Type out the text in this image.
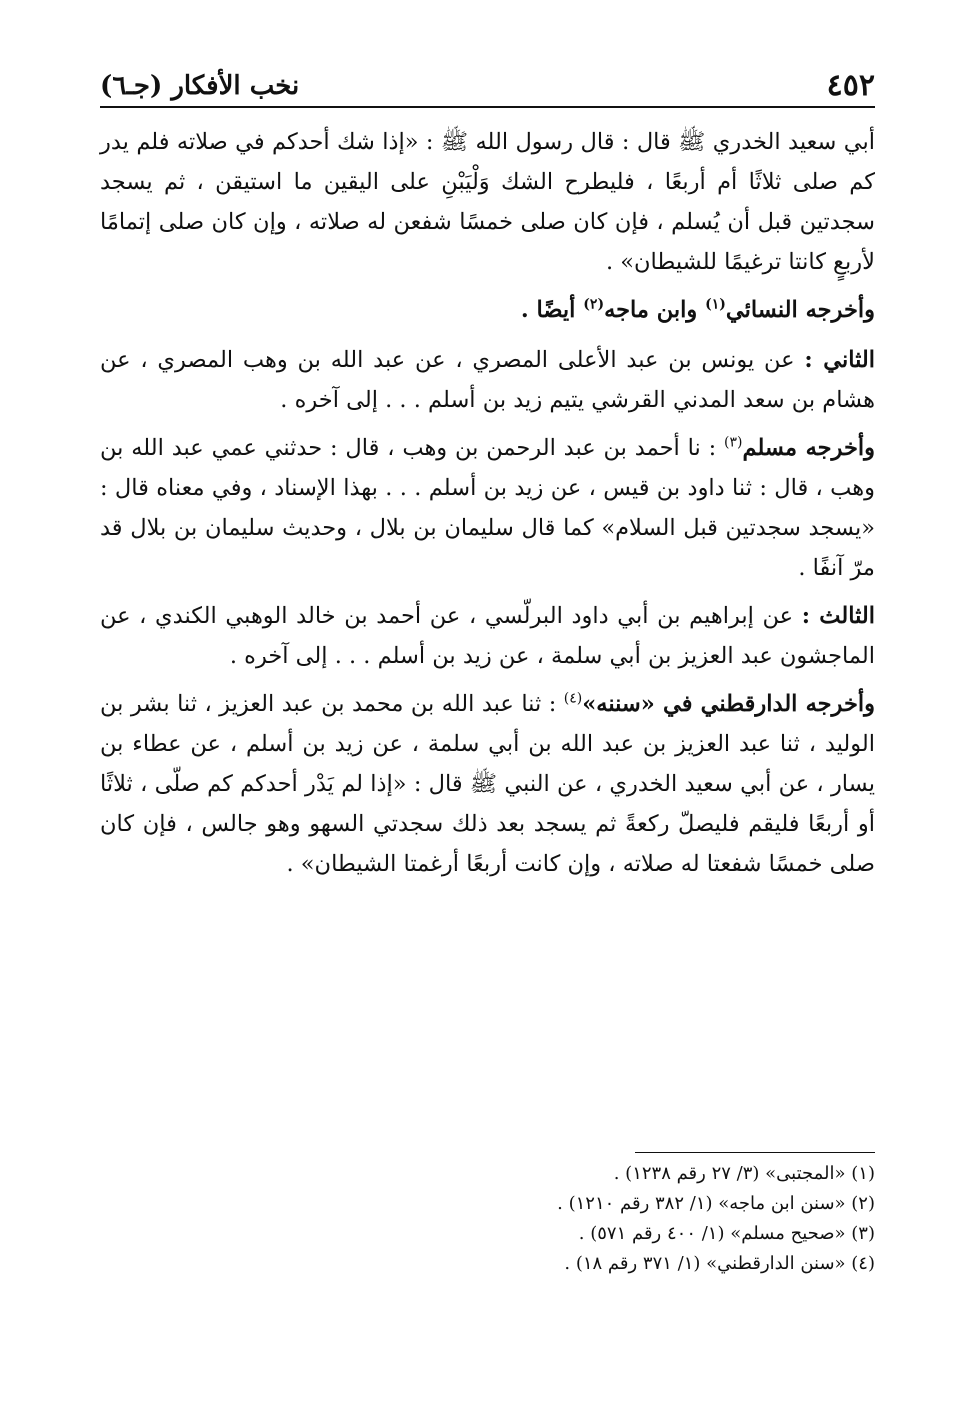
٤٥٢
نخب الأفكار (جـ٦)

أبي سعيد الخدري ﷺ قال : قال رسول الله ﷺ : «إذا شك أحدكم في صلاته فلم يدر كم صلى ثلاثًا أم أربعًا ، فليطرح الشك وَلْيَبْنِ على اليقين ما استيقن ، ثم يسجد سجدتين قبل أن يُسلم ، فإن كان صلى خمسًا شفعن له صلاته ، وإن كان صلى إتمامًا لأربعٍ كانتا ترغيمًا للشيطان» .

وأخرجه النسائي$^{(١)}$ وابن ماجه$^{(٢)}$ أيضًا .

الثاني : عن يونس بن عبد الأعلى المصري ، عن عبد الله بن وهب المصري ، عن هشام بن سعد المدني القرشي يتيم زيد بن أسلم . . . إلى آخره .

وأخرجه مسلم$^{(٣)}$ : نا أحمد بن عبد الرحمن بن وهب ، قال : حدثني عمي عبد الله بن وهب ، قال : ثنا داود بن قيس ، عن زيد بن أسلم . . . بهذا الإسناد ، وفي معناه قال : «يسجد سجدتين قبل السلام» كما قال سليمان بن بلال ، وحديث سليمان بن بلال قد مرّ آنفًا .

الثالث : عن إبراهيم بن أبي داود البرلّسي ، عن أحمد بن خالد الوهبي الكندي ، عن الماجشون عبد العزيز بن أبي سلمة ، عن زيد بن أسلم . . . إلى آخره .

وأخرجه الدارقطني في «سننه»$^{(٤)}$ : ثنا عبد الله بن محمد بن عبد العزيز ، ثنا بشر بن الوليد ، ثنا عبد العزيز بن عبد الله بن أبي سلمة ، عن زيد بن أسلم ، عن عطاء بن يسار ، عن أبي سعيد الخدري ، عن النبي ﷺ قال : «إذا لم يَدْر أحدكم كم صلّى ، ثلاثًا أو أربعًا فليقم فليصلّ ركعةً ثم يسجد بعد ذلك سجدتي السهو وهو جالس ، فإن كان صلى خمسًا شفعتا له صلاته ، وإن كانت أربعًا أرغمتا الشيطان» .

(١) «المجتبى» (٣/ ٢٧ رقم ١٢٣٨) .
(٢) «سنن ابن ماجه» (١/ ٣٨٢ رقم ١٢١٠) .
(٣) «صحيح مسلم» (١/ ٤٠٠ رقم ٥٧١) .
(٤) «سنن الدارقطني» (١/ ٣٧١ رقم ١٨) .
